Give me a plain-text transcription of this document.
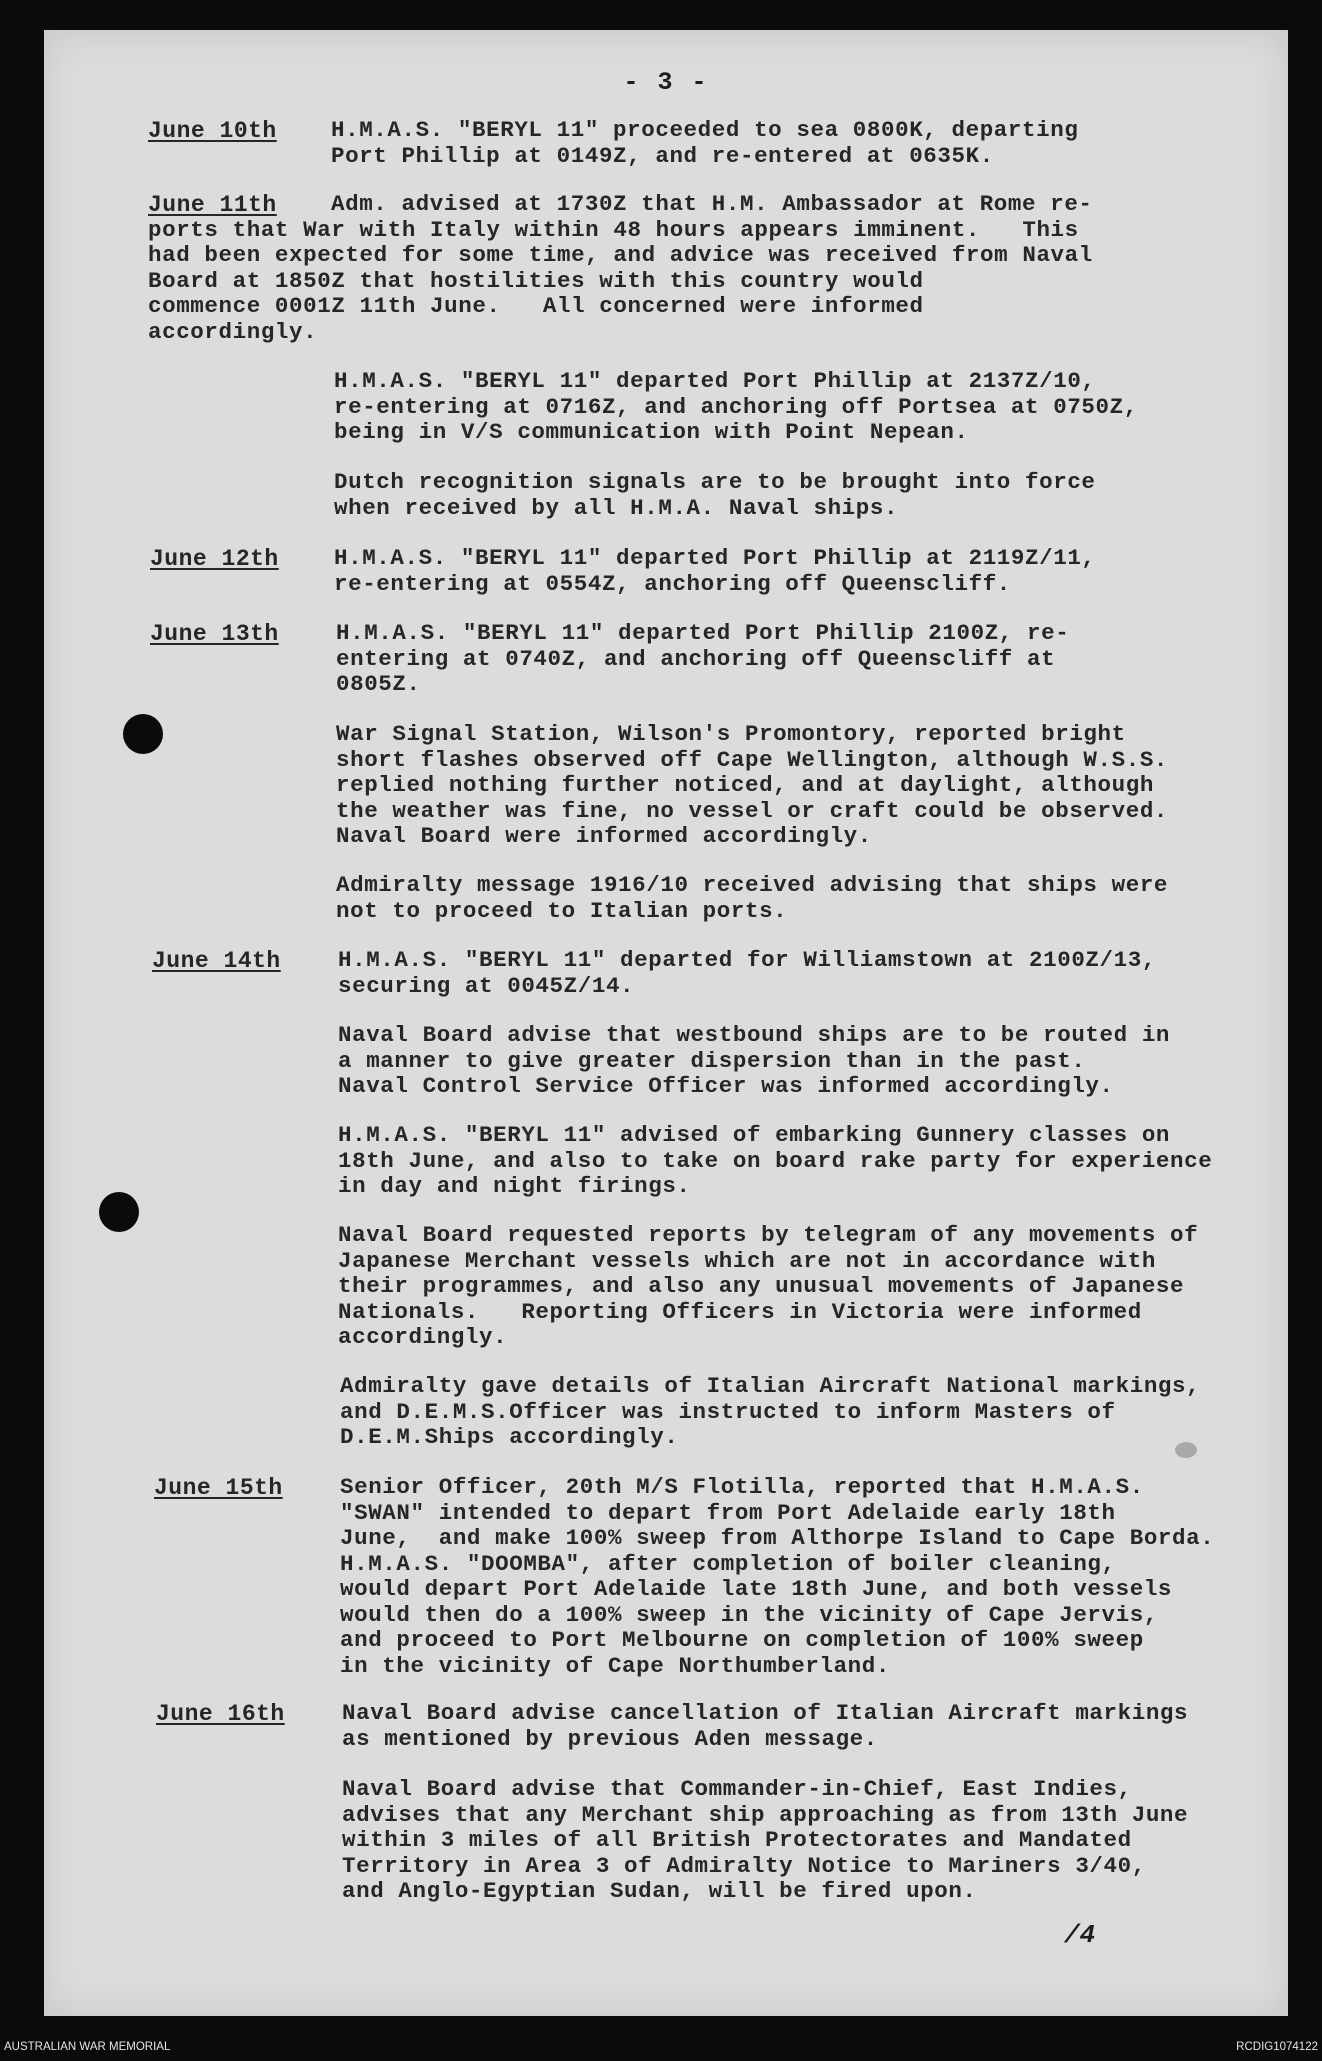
- 3 -
June 10th H.M.A.S. "BERYL 11" proceeded to sea 0800K, departing
Port Phillip at 0149Z, and re-entered at 0635K.
June 11th	Adm. advised at 1730Z that H.M. Ambassador at Rome re-
ports that War with Italy within 48 hours appears imminent.   This
had been expected for some time, and advice was received from Naval
Board at 1850Z that hostilities with this country would
commence 0001Z 11th June.   All concerned were informed
accordingly.
H.M.A.S. "BERYL 11" departed Port Phillip at 2137Z/10,
re-entering at 0716Z, and anchoring off Portsea at 0750Z,
being in V/S communication with Point Nepean.
Dutch recognition signals are to be brought into force
when received by all H.M.A. Naval ships.
June 12th H.M.A.S. "BERYL 11" departed Port Phillip at 2119Z/11,
re-entering at 0554Z, anchoring off Queenscliff.
June 13th	H.M.A.S. "BERYL 11" departed Port Phillip 2100Z, re-
entering at 0740Z, and anchoring off Queenscliff at
0805Z.
War Signal Station, Wilson's Promontory, reported bright
short flashes observed off Cape Wellington, although W.S.S.
replied nothing further noticed, and at daylight, although
the weather was fine, no vessel or craft could be observed.
Naval Board were informed accordingly.
Admiralty message 1916/10 received advising that ships were
not to proceed to Italian ports.
June 14th	H.M.A.S. "BERYL 11" departed for Williamstown at 2100Z/13,
securing at 0045Z/14.
Naval Board advise that westbound ships are to be routed in
a manner to give greater dispersion than in the past.
Naval Control Service Officer was informed accordingly.
H.M.A.S. "BERYL 11" advised of embarking Gunnery classes on
18th June, and also to take on board rake party for experience
in day and night firings.
Naval Board requested reports by telegram of any movements of
Japanese Merchant vessels which are not in accordance with
their programmes, and also any unusual movements of Japanese
Nationals.   Reporting Officers in Victoria were informed
accordingly.
Admiralty gave details of Italian Aircraft National markings,
and D.E.M.S.Officer was instructed to inform Masters of
D.E.M.Ships accordingly.
June 15th	Senior Officer, 20th M/S Flotilla, reported that H.M.A.S.
"SWAN" intended to depart from Port Adelaide early 18th
June,  and make 100% sweep from Althorpe Island to Cape Borda.
H.M.A.S. "DOOMBA", after completion of boiler cleaning,
would depart Port Adelaide late 18th June, and both vessels
would then do a 100% sweep in the vicinity of Cape Jervis,
and proceed to Port Melbourne on completion of 100% sweep
in the vicinity of Cape Northumberland.
June 16th	Naval Board advise cancellation of Italian Aircraft markings
as mentioned by previous Aden message.
Naval Board advise that Commander-in-Chief, East Indies,
advises that any Merchant ship approaching as from 13th June
within 3 miles of all British Protectorates and Mandated
Territory in Area 3 of Admiralty Notice to Mariners 3/40,
and Anglo-Egyptian Sudan, will be fired upon.
/4
AUSTRALIAN WAR MEMORIAL	RCDIG1074122
